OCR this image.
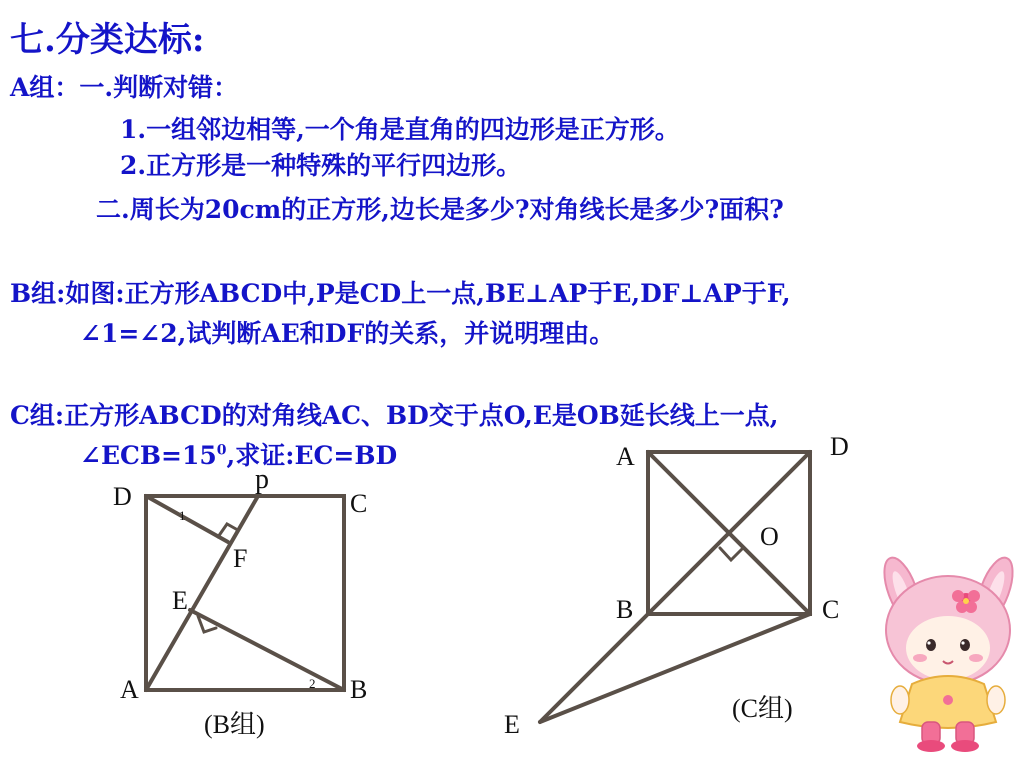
七.分类达标:
A组：一.判断对错：
1.一组邻边相等,一个角是直角的四边形是正方形。
2.正方形是一种特殊的平行四边形。
二.周长为20cm的正方形,边长是多少?对角线长是多少?面积?
B组:如图:正方形ABCD中,P是CD上一点,BE⊥AP于E,DF⊥AP于F,
∠1=∠2,试判断AE和DF的关系，并说明理由。
C组:正方形ABCD的对角线AC、BD交于点O,E是OB延长线上一点,
$\angle ECB=15^0$,求证:EC=BD
p
D	C
F
E
A	B
1
2
(B组)
A	D
O
B	C
E
(C组)
